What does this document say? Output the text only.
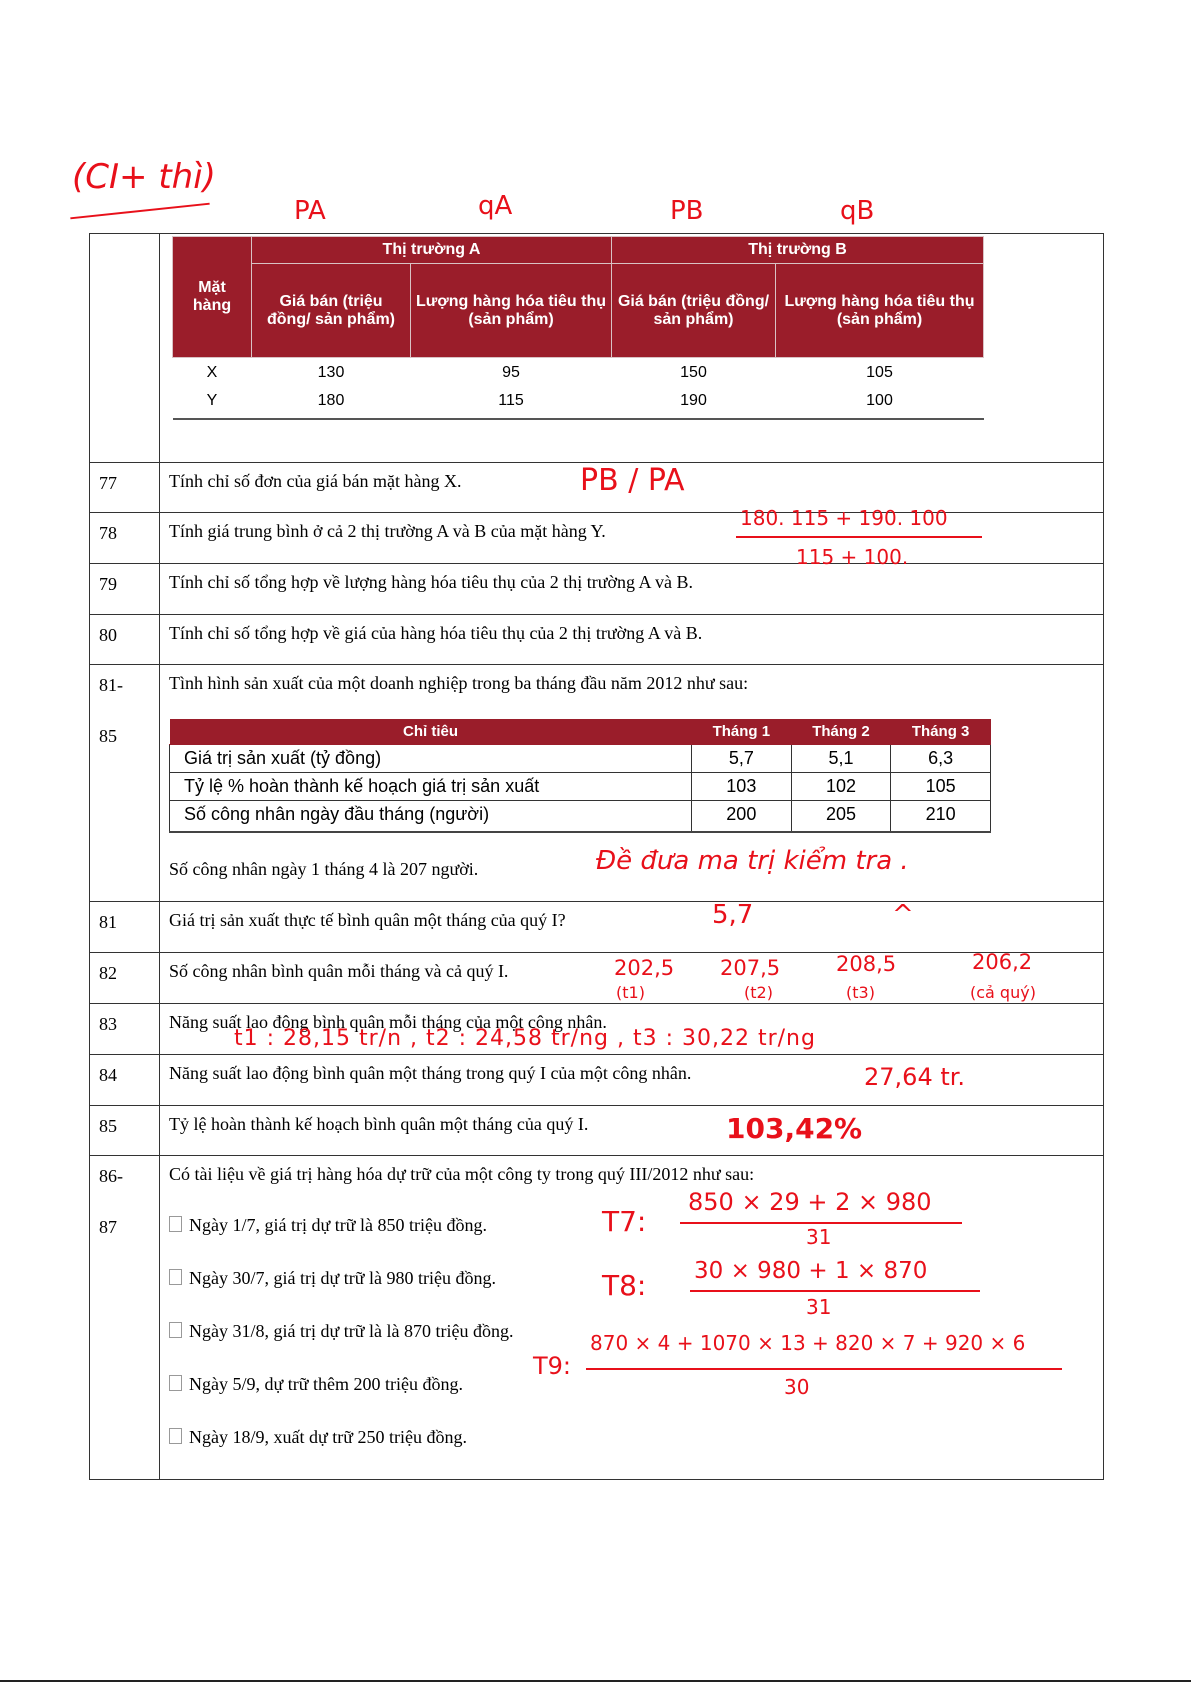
(CI+ thì)
PA	qA	PB	qB

Mặt hàng	Thị trường A	Thị trường B
Giá bán (triệu đồng/ sản phẩm)	Lượng hàng hóa tiêu thụ (sản phẩm)	Giá bán (triệu đồng/ sản phẩm)	Lượng hàng hóa tiêu thụ (sản phẩm)
X	130	95	150	105
Y	180	115	190	100

77	Tính chỉ số đơn của giá bán mặt hàng X.
78	Tính giá trung bình ở cả 2 thị trường A và B của mặt hàng Y.
79	Tính chỉ số tổng hợp về lượng hàng hóa tiêu thụ của 2 thị trường A và B.
80	Tính chỉ số tổng hợp về giá của hàng hóa tiêu thụ của 2 thị trường A và B.

81-
85

Tình hình sản xuất của một doanh nghiệp trong ba tháng đầu năm 2012 như sau:
Chỉ tiêu	Tháng 1	Tháng 2	Tháng 3
Giá trị sản xuất (tỷ đồng)	5,7	5,1	6,3
Tỷ lệ % hoàn thành kế hoạch giá trị sản xuất	103	102	105
Số công nhân ngày đầu tháng (người)	200	205	210
Số công nhân ngày 1 tháng 4 là 207 người.

81	Giá trị sản xuất thực tế bình quân một tháng của quý I?
82	Số công nhân bình quân mỗi tháng và cả quý I.
83	Năng suất lao động bình quân mỗi tháng của một công nhân.
84	Năng suất lao động bình quân một tháng trong quý I của một công nhân.
85	Tỷ lệ hoàn thành kế hoạch bình quân một tháng của quý I.

86-
87

Có tài liệu về giá trị hàng hóa dự trữ của một công ty trong quý III/2012 như sau:
Ngày 1/7, giá trị dự trữ là 850 triệu đồng.
Ngày 30/7, giá trị dự trữ là 980 triệu đồng.
Ngày 31/8, giá trị dự trữ là là 870 triệu đồng.
Ngày 5/9, dự trữ thêm 200 triệu đồng.
Ngày 18/9, xuất dự trữ 250 triệu đồng.
PB / PA
180. 115 + 190. 100
115 + 100.
Đề đưa ma trị kiểm tra .
5,7	^
202,5
(t1)
207,5
(t2)
208,5
(t3)
206,2
(cả quý)
t1 : 28,15 tr/n , t2 : 24,58 tr/ng , t3 : 30,22 tr/ng
27,64 tr.
103,42%
T7:
850 × 29 + 2 × 980
31
T8: 30 × 980 + 1 × 870
31
T9:
870 × 4 + 1070 × 13 + 820 × 7 + 920 × 6
30
